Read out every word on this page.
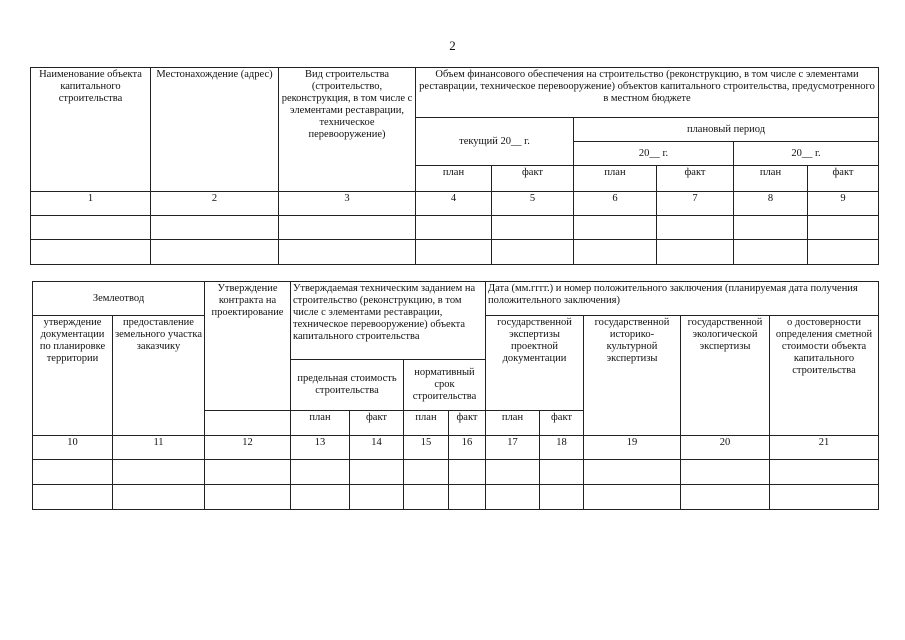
2
Наименование объекта капитального строительства	Местонахождение (адрес)	Вид строительства (строительство, реконструкция, в том числе с элементами реставрации, техническое перевооружение)	Объем финансового обеспечения на строительство (реконструкцию, в том числе с элементами реставрации, техническое перевооружение) объектов капитального строительства, предусмотренного в местном бюджете					
			текущий 20__ г.		плановый период			
					20__ г.		20__ г.	
			план	факт	план	факт	план	факт
1	2	3	4	5	6	7	8	9

Землеотвод		Утверждение контракта на проектирование	Утверждаемая техническим заданием на строительство (реконструкцию, в том числе с элементами реставрации, техническое перевооружение) объекта капитального строительства				Дата (мм.гггг.) и номер положительного заключения (планируемая дата получения положительного заключения)				
утверждение документации по планировке территории	предоставление земельного участка заказчику						государственной экспертизы проектной документации		государственной историко-культурной экспертизы	государственной экологической экспертизы	о достоверности определения сметной стоимости объекта капитального строительства
			предельная стоимость строительства		нормативный срок строительства						
			план	факт	план	факт	план	факт			
10	11	12	13	14	15	16	17	18	19	20	21
